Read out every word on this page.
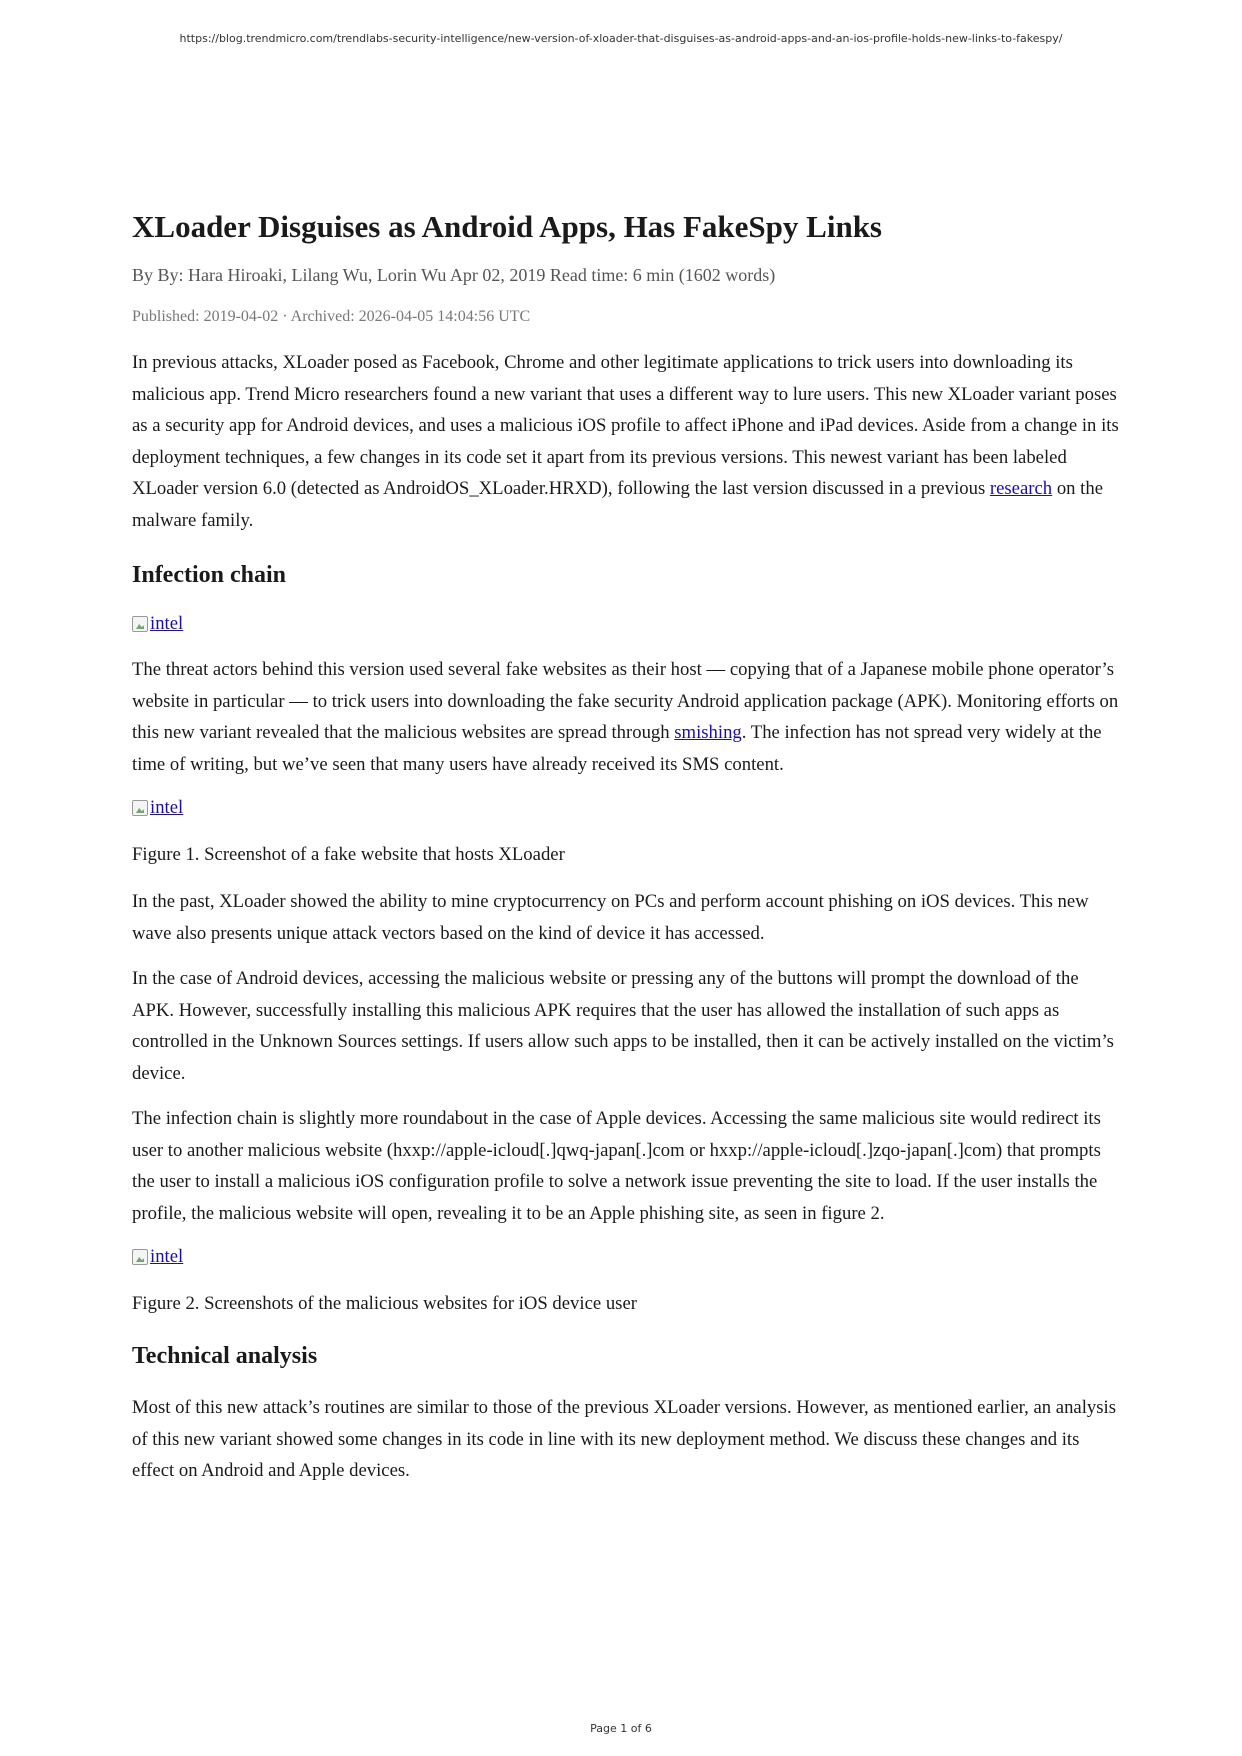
https://blog.trendmicro.com/trendlabs-security-intelligence/new-version-of-xloader-that-disguises-as-android-apps-and-an-ios-profile-holds-new-links-to-fakespy/
XLoader Disguises as Android Apps, Has FakeSpy Links
By By: Hara Hiroaki, Lilang Wu, Lorin Wu Apr 02, 2019 Read time: 6 min (1602 words)
Published: 2019-04-02 · Archived: 2026-04-05 14:04:56 UTC

In previous attacks, XLoader posed as Facebook, Chrome and other legitimate applications to trick users into downloading its malicious app. Trend Micro researchers found a new variant that uses a different way to lure users. This new XLoader variant poses as a security app for Android devices, and uses a malicious iOS profile to affect iPhone and iPad devices. Aside from a change in its deployment techniques, a few changes in its code set it apart from its previous versions. This newest variant has been labeled XLoader version 6.0 (detected as AndroidOS_XLoader.HRXD), following the last version discussed in a previous research on the malware family.

Infection chain
intel

The threat actors behind this version used several fake websites as their host — copying that of a Japanese mobile phone operator’s website in particular — to trick users into downloading the fake security Android application package (APK). Monitoring efforts on this new variant revealed that the malicious websites are spread through smishing. The infection has not spread very widely at the time of writing, but we’ve seen that many users have already received its SMS content.

intel
Figure 1. Screenshot of a fake website that hosts XLoader

In the past, XLoader showed the ability to mine cryptocurrency on PCs and perform account phishing on iOS devices. This new wave also presents unique attack vectors based on the kind of device it has accessed.

In the case of Android devices, accessing the malicious website or pressing any of the buttons will prompt the download of the APK. However, successfully installing this malicious APK requires that the user has allowed the installation of such apps as controlled in the Unknown Sources settings. If users allow such apps to be installed, then it can be actively installed on the victim’s device.

The infection chain is slightly more roundabout in the case of Apple devices. Accessing the same malicious site would redirect its user to another malicious website (hxxp://apple-icloud[.]qwq-japan[.]com or hxxp://apple-icloud[.]zqo-japan[.]com) that prompts the user to install a malicious iOS configuration profile to solve a network issue preventing the site to load. If the user installs the profile, the malicious website will open, revealing it to be an Apple phishing site, as seen in figure 2.

intel
Figure 2. Screenshots of the malicious websites for iOS device user
Technical analysis

Most of this new attack’s routines are similar to those of the previous XLoader versions. However, as mentioned earlier, an analysis of this new variant showed some changes in its code in line with its new deployment method. We discuss these changes and its effect on Android and Apple devices.

Page 1 of 6
